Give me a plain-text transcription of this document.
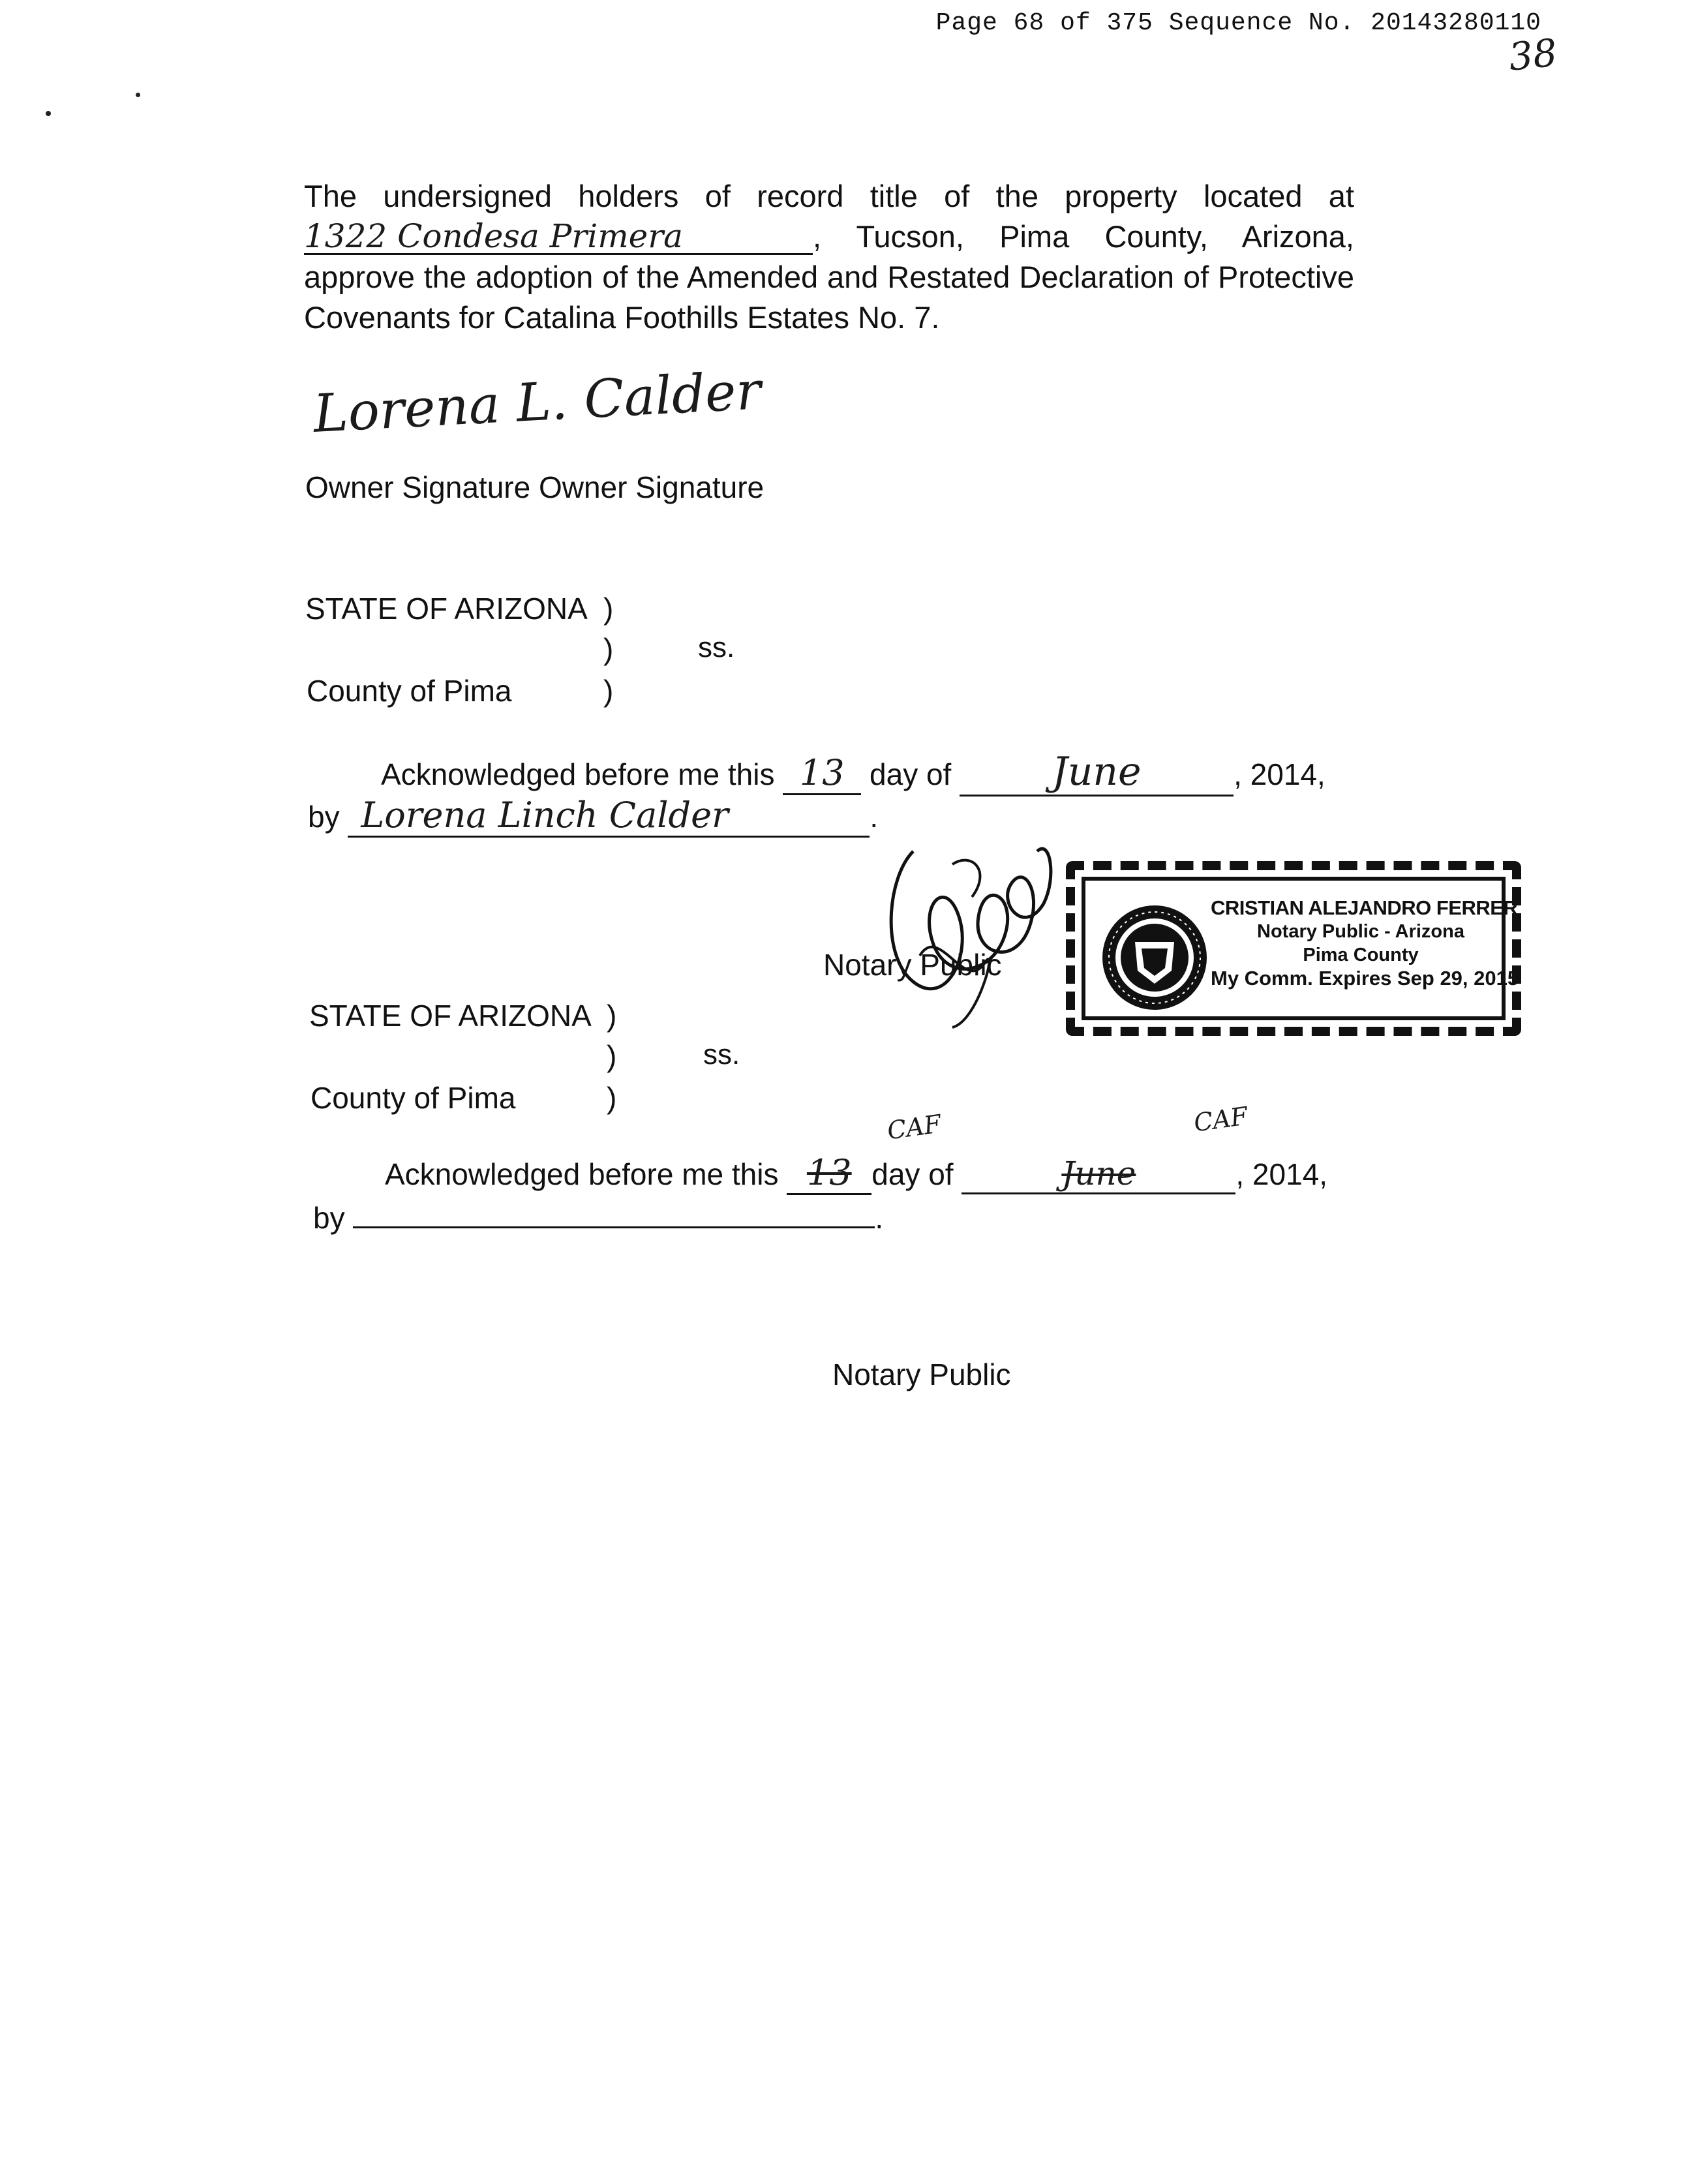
Page 68 of 375 Sequence No. 20143280110
38
The undersigned holders of record title of the property located at 1322 Condesa Primera	, Tucson, Pima County, Arizona, approve the adoption of the Amended and Restated Declaration of Protective Covenants for Catalina Foothills Estates No. 7.
Lorena L. Calder
Owner Signature Owner Signature
STATE OF ARIZONA )
)	ss.
County of Pima	)
Acknowledged before me this 13 day of	June	, 2014,
by Lorena Linch Calder	.
Notary Public
CRISTIAN ALEJANDRO FERRER
Notary Public - Arizona
Pima County
My Comm. Expires Sep 29, 2015
STATE OF ARIZONA )
)	ss.
County of Pima	)
CAF	CAF
Acknowledged before me this 13 day of	June	, 2014,
by	.
Notary Public
